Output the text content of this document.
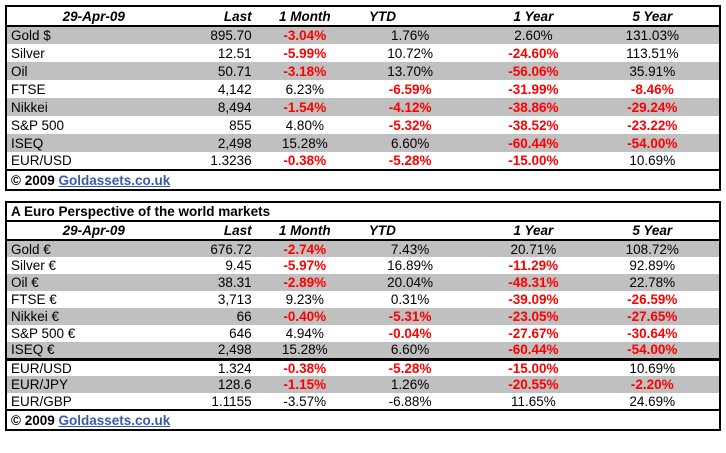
29-Apr-09	Last	1 Month	YTD	1 Year	5 Year
Gold $	895.70	-3.04%	1.76%	2.60%	131.03%
Silver	12.51	-5.99%	10.72%	-24.60%	113.51%
Oil	50.71	-3.18%	13.70%	-56.06%	35.91%
FTSE	4,142	6.23%	-6.59%	-31.99%	-8.46%
Nikkei	8,494	-1.54%	-4.12%	-38.86%	-29.24%
S&P 500	855	4.80%	-5.32%	-38.52%	-23.22%
ISEQ	2,498	15.28%	6.60%	-60.44%	-54.00%
EUR/USD	1.3236	-0.38%	-5.28%	-15.00%	10.69%
© 2009 Goldassets.co.uk					
A Euro Perspective of the world markets					
29-Apr-09	Last	1 Month	YTD	1 Year	5 Year
Gold €	676.72	-2.74%	7.43%	20.71%	108.72%
Silver €	9.45	-5.97%	16.89%	-11.29%	92.89%
Oil €	38.31	-2.89%	20.04%	-48.31%	22.78%
FTSE €	3,713	9.23%	0.31%	-39.09%	-26.59%
Nikkei €	66	-0.40%	-5.31%	-23.05%	-27.65%
S&P 500 €	646	4.94%	-0.04%	-27.67%	-30.64%
ISEQ €	2,498	15.28%	6.60%	-60.44%	-54.00%
EUR/USD	1.324	-0.38%	-5.28%	-15.00%	10.69%
EUR/JPY	128.6	-1.15%	1.26%	-20.55%	-2.20%
EUR/GBP	1.1155	-3.57%	-6.88%	11.65%	24.69%
© 2009 Goldassets.co.uk					
